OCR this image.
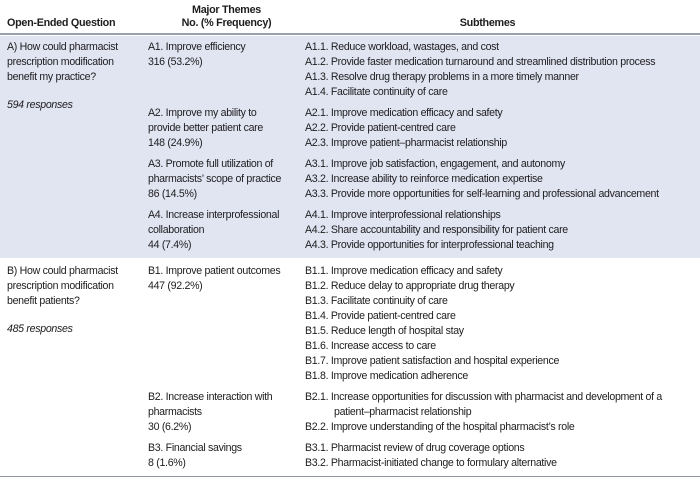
Open-Ended Question
Major Themes
No. (% Frequency)	Subthemes
A) How could pharmacist
prescription modification
benefit my practice?
594 responses
A1. Improve efficiency
316 (53.2%)
A1.1. Reduce workload, wastages, and cost
A1.2. Provide faster medication turnaround and streamlined distribution process
A1.3. Resolve drug therapy problems in a more timely manner
A1.4. Facilitate continuity of care
A2. Improve my ability to
provide better patient care
148 (24.9%)
A2.1. Improve medication efficacy and safety
A2.2. Provide patient-centred care
A2.3. Improve patient–pharmacist relationship
A3. Promote full utilization of
pharmacists’ scope of practice
86 (14.5%)
A3.1. Improve job satisfaction, engagement, and autonomy
A3.2. Increase ability to reinforce medication expertise
A3.3. Provide more opportunities for self-learning and professional advancement
A4. Increase interprofessional
collaboration
44 (7.4%)
A4.1. Improve interprofessional relationships
A4.2. Share accountability and responsibility for patient care
A4.3. Provide opportunities for interprofessional teaching
B) How could pharmacist
prescription modification
benefit patients?
485 responses
B1. Improve patient outcomes
447 (92.2%)
B1.1. Improve medication efficacy and safety
B1.2. Reduce delay to appropriate drug therapy
B1.3. Facilitate continuity of care
B1.4. Provide patient-centred care
B1.5. Reduce length of hospital stay
B1.6. Increase access to care
B1.7. Improve patient satisfaction and hospital experience
B1.8. Improve medication adherence
B2. Increase interaction with
pharmacists
30 (6.2%)
B2.1. Increase opportunities for discussion with pharmacist and development of a
patient–pharmacist relationship
B2.2. Improve understanding of the hospital pharmacist’s role
B3. Financial savings
8 (1.6%)
B3.1. Pharmacist review of drug coverage options
B3.2. Pharmacist-initiated change to formulary alternative
